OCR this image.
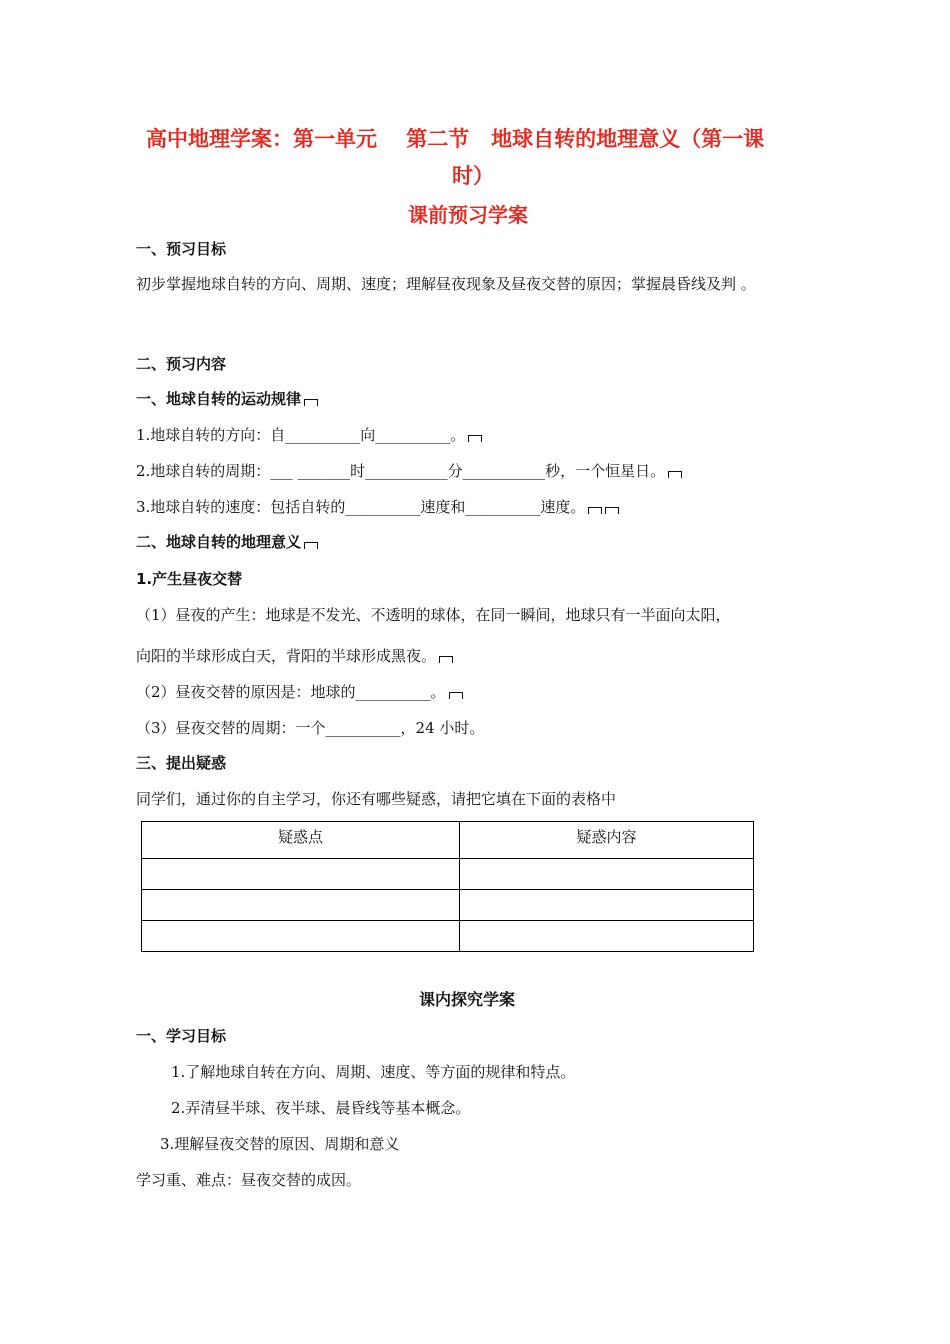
高中地理学案：第一单元    第二节   地球自转的地理意义（第一课
时）
课前预习学案
一、预习目标
初步掌握地球自转的方向、周期、速度；理解昼夜现象及昼夜交替的原因；掌握晨昏线及判 。
二、预习内容
一、地球自转的运动规律
1.地球自转的方向：自__________向__________。
2.地球自转的周期：___ _______时___________分___________秒，一个恒星日。
3.地球自转的速度：包括自转的__________速度和__________速度。
二、地球自转的地理意义
1.产生昼夜交替
（1）昼夜的产生：地球是不发光、不透明的球体，在同一瞬间，地球只有一半面向太阳，
向阳的半球形成白天，背阳的半球形成黑夜。
（2）昼夜交替的原因是：地球的__________。
（3）昼夜交替的周期：一个__________，24 小时。
三、提出疑惑
同学们，通过你的自主学习，你还有哪些疑惑，请把它填在下面的表格中
疑惑点	疑惑内容

课内探究学案
一、学习目标
1.了解地球自转在方向、周期、速度、等方面的规律和特点。
2.弄清昼半球、夜半球、晨昏线等基本概念。
3.理解昼夜交替的原因、周期和意义
学习重、难点：昼夜交替的成因。
